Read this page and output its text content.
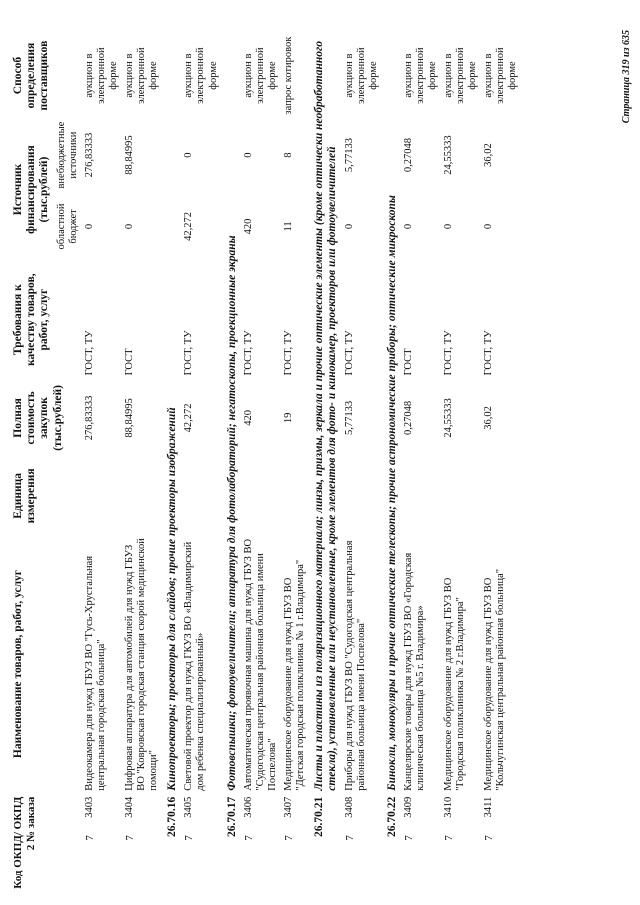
Код ОКПД/ ОКПД 2 № заказа		Наименование товаров, работ, услуг	Единица измерения	Полная стоимость закупок (тыс.рублей)	Требования к качеству товаров, работ, услуг	Источник финансирования (тыс.рублей)		Способ определения поставщиков
						областной бюджет	внебюджетные источники	
7	3403	Видеокамера для нужд ГБУЗ ВО "Гусь-Хрустальная центральная городская больница"		276,83333	ГОСТ, ТУ	0	276,83333	аукцион в электронной форме
7	3404	Цифровая аппаратура для автомобилей для нужд ГБУЗ ВО "Ковровская городская станция скорой медицинской помощи"		88,84995	ГОСТ	0	88,84995	аукцион в электронной форме
26.70.16		Кинопроекторы; проекторы для слайдов; прочие проекторы изображений						
7	3405	Световой проектор для нужд ГКУЗ ВО «Владимирский дом ребенка специализированный»		42,272	ГОСТ, ТУ	42,272	0	аукцион в электронной форме
26.70.17		Фотовспышки; фотоувеличители; аппаратура для фотолабораторий; негатоскопы, проекционные экраны						
7	3406	Автоматическая проявочная машина для нужд ГБУЗ ВО "Судогодская центральная районная больница имени Поспелова"		420	ГОСТ, ТУ	420	0	аукцион в электронной форме
7	3407	Медицинское оборудование для нужд ГБУЗ ВО "Детская городская поликлиника № 1 г.Владимира"		19	ГОСТ, ТУ	11	8	запрос котировок
26.70.21		Листы и пластины из поляризационного материала; линзы, призмы, зеркала и прочие оптические элементы (кроме оптически необработанного стекла), установленные или неустановленные, кроме элементов для фото- и кинокамер, проекторов или фотоувеличителей						
7	3408	Приборы для нужд ГБУЗ ВО "Судогодская центральная районная больница имени Поспелова"		5,77133	ГОСТ, ТУ	0	5,77133	аукцион в электронной форме
26.70.22		Бинокли, монокуляры и прочие оптические телескопы; прочие астрономические приборы; оптические микроскопы						
7	3409	Канцелярские товары для нужд ГБУЗ ВО «Городская клиническая больница №5 г. Владимира»		0,27048	ГОСТ	0	0,27048	аукцион в электронной форме
7	3410	Медицинское оборудование для нужд ГБУЗ ВО "Городская поликлиника № 2 г.Владимира"		24,55333	ГОСТ, ТУ	0	24,55333	аукцион в электронной форме
7	3411	Медицинское оборудование для нужд ГБУЗ ВО "Кольчугинская центральная районная больница"		36,02	ГОСТ, ТУ	0	36,02	аукцион в электронной форме	Страница 319 из 635
